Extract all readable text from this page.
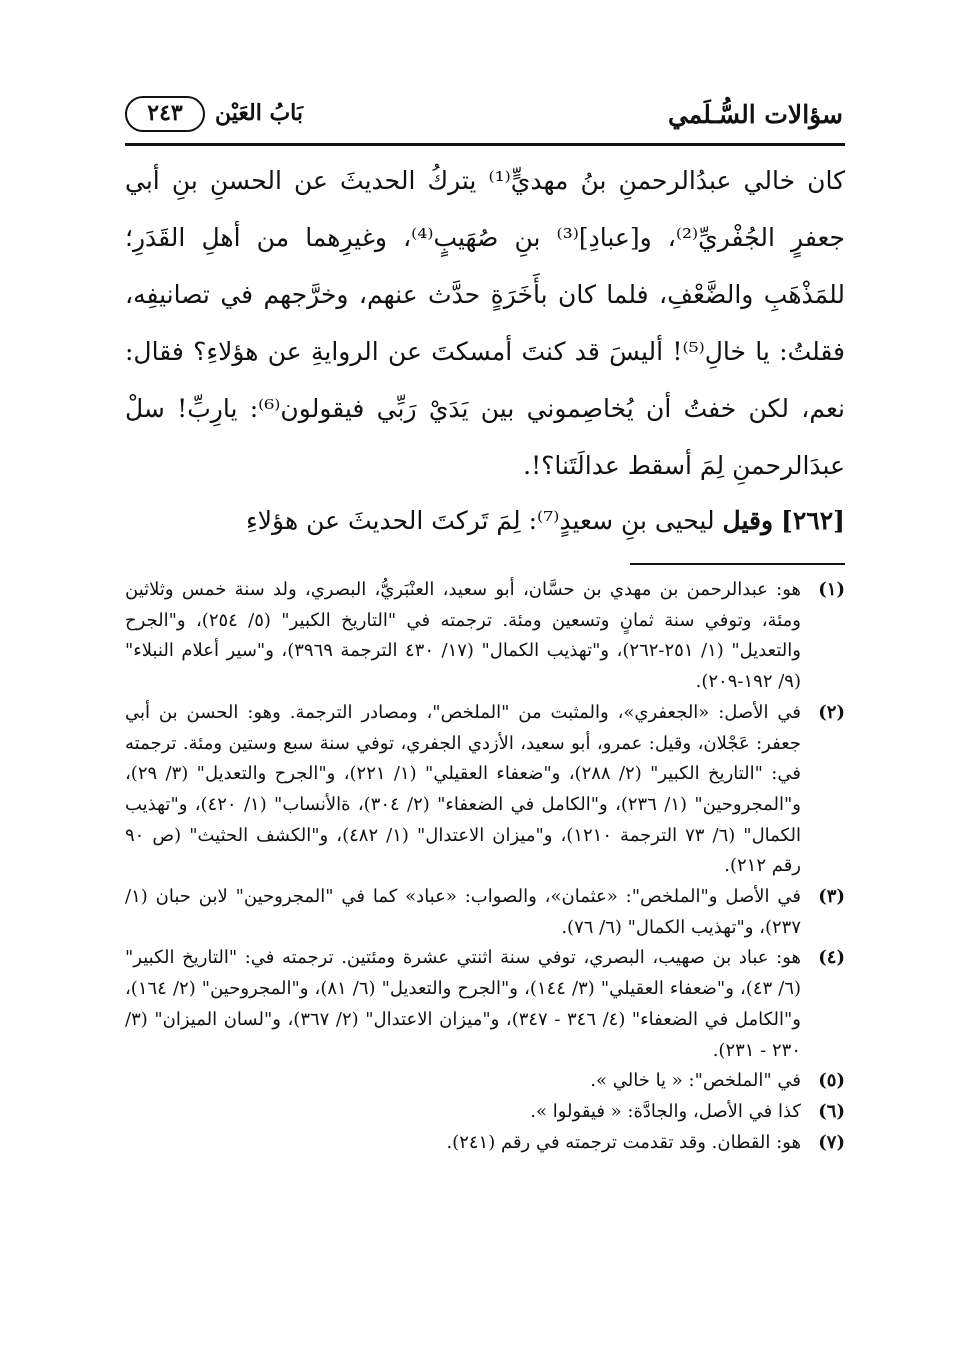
سؤالات السُّـلَمي
بَابُ العَيْن
٢٤٣

كان خالي عبدُالرحمنِ بنُ مهديٍّ⁽¹⁾ يتركُ الحديثَ عن الحسنِ بنِ أبي جعفرٍ الجُفْريِّ⁽²⁾، و[عبادِ]⁽³⁾ بنِ صُهَيبٍ⁽⁴⁾، وغيرِهما من أهلِ القَدَرِ؛ للمَذْهَبِ والضَّعْفِ، فلما كان بأَخَرَةٍ حدَّث عنهم، وخرَّجهم في تصانيفِه، فقلتُ: يا خالِ⁽⁵⁾! أليسَ قد كنتَ أمسكتَ عن الروايةِ عن هؤلاءِ؟ فقال: نعم، لكن خفتُ أن يُخاصِموني بين يَدَيْ رَبِّي فيقولون⁽⁶⁾: يارِبِّ! سلْ عبدَالرحمنِ لِمَ أسقط عدالَتَنا؟!.

[٢٦٢] وقيل ليحيى بنِ سعيدٍ⁽⁷⁾: لِمَ تَركتَ الحديثَ عن هؤلاءِ
(١)
هو: عبدالرحمن بن مهدي بن حسَّان، أبو سعيد، العنْبَريُّ، البصري، ولد سنة خمس وثلاثين ومئة، وتوفي سنة ثمانٍ وتسعين ومئة. ترجمته في "التاريخ الكبير" (٥/ ٢٥٤)، و"الجرح والتعديل" (١/ ٢٥١-٢٦٢)، و"تهذيب الكمال" (١٧/ ٤٣٠ الترجمة ٣٩٦٩)، و"سير أعلام النبلاء" (٩/ ١٩٢-٢٠٩).
(٢)
في الأصل: «الجعفري»، والمثبت من "الملخص"، ومصادر الترجمة. وهو: الحسن بن أبي جعفر: عَجْلان، وقيل: عمرو، أبو سعيد، الأزدي الجفري، توفي سنة سبع وستين ومئة. ترجمته في: "التاريخ الكبير" (٢/ ٢٨٨)، و"ضعفاء العقيلي" (١/ ٢٢١)، و"الجرح والتعديل" (٣/ ٢٩)، و"المجروحين" (١/ ٢٣٦)، و"الكامل في الضعفاء" (٢/ ٣٠٤)، ةالأنساب" (١/ ٤٢٠)، و"تهذيب الكمال" (٦/ ٧٣ الترجمة ١٢١٠)، و"ميزان الاعتدال" (١/ ٤٨٢)، و"الكشف الحثيث" (ص ٩٠ رقم ٢١٢).
(٣)
في الأصل و"الملخص": «عثمان»، والصواب: «عباد» كما في "المجروحين" لابن حبان (١/ ٢٣٧)، و"تهذيب الكمال" (٦/ ٧٦).
(٤)
هو: عباد بن صهيب، البصري، توفي سنة اثنتي عشرة ومئتين. ترجمته في: "التاريخ الكبير" (٦/ ٤٣)، و"ضعفاء العقيلي" (٣/ ١٤٤)، و"الجرح والتعديل" (٦/ ٨١)، و"المجروحين" (٢/ ١٦٤)، و"الكامل في الضعفاء" (٤/ ٣٤٦ - ٣٤٧)، و"ميزان الاعتدال" (٢/ ٣٦٧)، و"لسان الميزان" (٣/ ٢٣٠ - ٢٣١).
(٥)
في "الملخص": « يا خالي ».
(٦)
كذا في الأصل، والجادَّة: « فيقولوا ».
(٧)
هو: القطان. وقد تقدمت ترجمته في رقم (٢٤١).
